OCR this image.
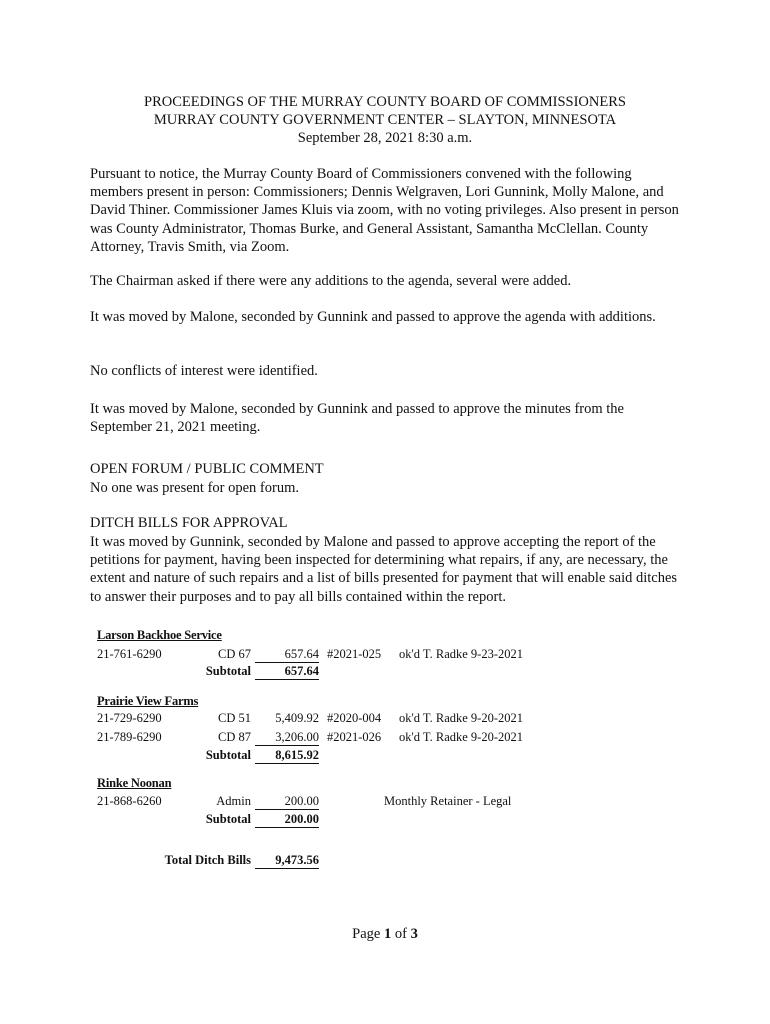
PROCEEDINGS OF THE MURRAY COUNTY BOARD OF COMMISSIONERS
MURRAY COUNTY GOVERNMENT CENTER – SLAYTON, MINNESOTA
September 28, 2021 8:30 a.m.
Pursuant to notice, the Murray County Board of Commissioners convened with the following members present in person: Commissioners; Dennis Welgraven, Lori Gunnink, Molly Malone, and David Thiner. Commissioner James Kluis via zoom, with no voting privileges. Also present in person was County Administrator, Thomas Burke, and General Assistant, Samantha McClellan. County Attorney, Travis Smith, via Zoom.
The Chairman asked if there were any additions to the agenda, several were added.
It was moved by Malone, seconded by Gunnink and passed to approve the agenda with additions.
No conflicts of interest were identified.
It was moved by Malone, seconded by Gunnink and passed to approve the minutes from the September 21, 2021 meeting.
OPEN FORUM / PUBLIC COMMENT
No one was present for open forum.
DITCH BILLS FOR APPROVAL
It was moved by Gunnink, seconded by Malone and passed to approve accepting the report of the petitions for payment, having been inspected for determining what repairs, if any, are necessary, the extent and nature of such repairs and a list of bills presented for payment that will enable said ditches to answer their purposes and to pay all bills contained within the report.
Larson Backhoe Service
21-761-6290	CD 67	657.64 #2021-025 ok'd T. Radke 9-23-2021
Subtotal	657.64
Prairie View Farms
21-729-6290	CD 51	5,409.92 #2020-004 ok'd T. Radke 9-20-2021
21-789-6290	CD 87	3,206.00 #2021-026 ok'd T. Radke 9-20-2021
Subtotal	8,615.92
Rinke Noonan
21-868-6260	Admin	200.00	Monthly Retainer - Legal
Subtotal	200.00
Total Ditch Bills	9,473.56
Page 1 of 3
